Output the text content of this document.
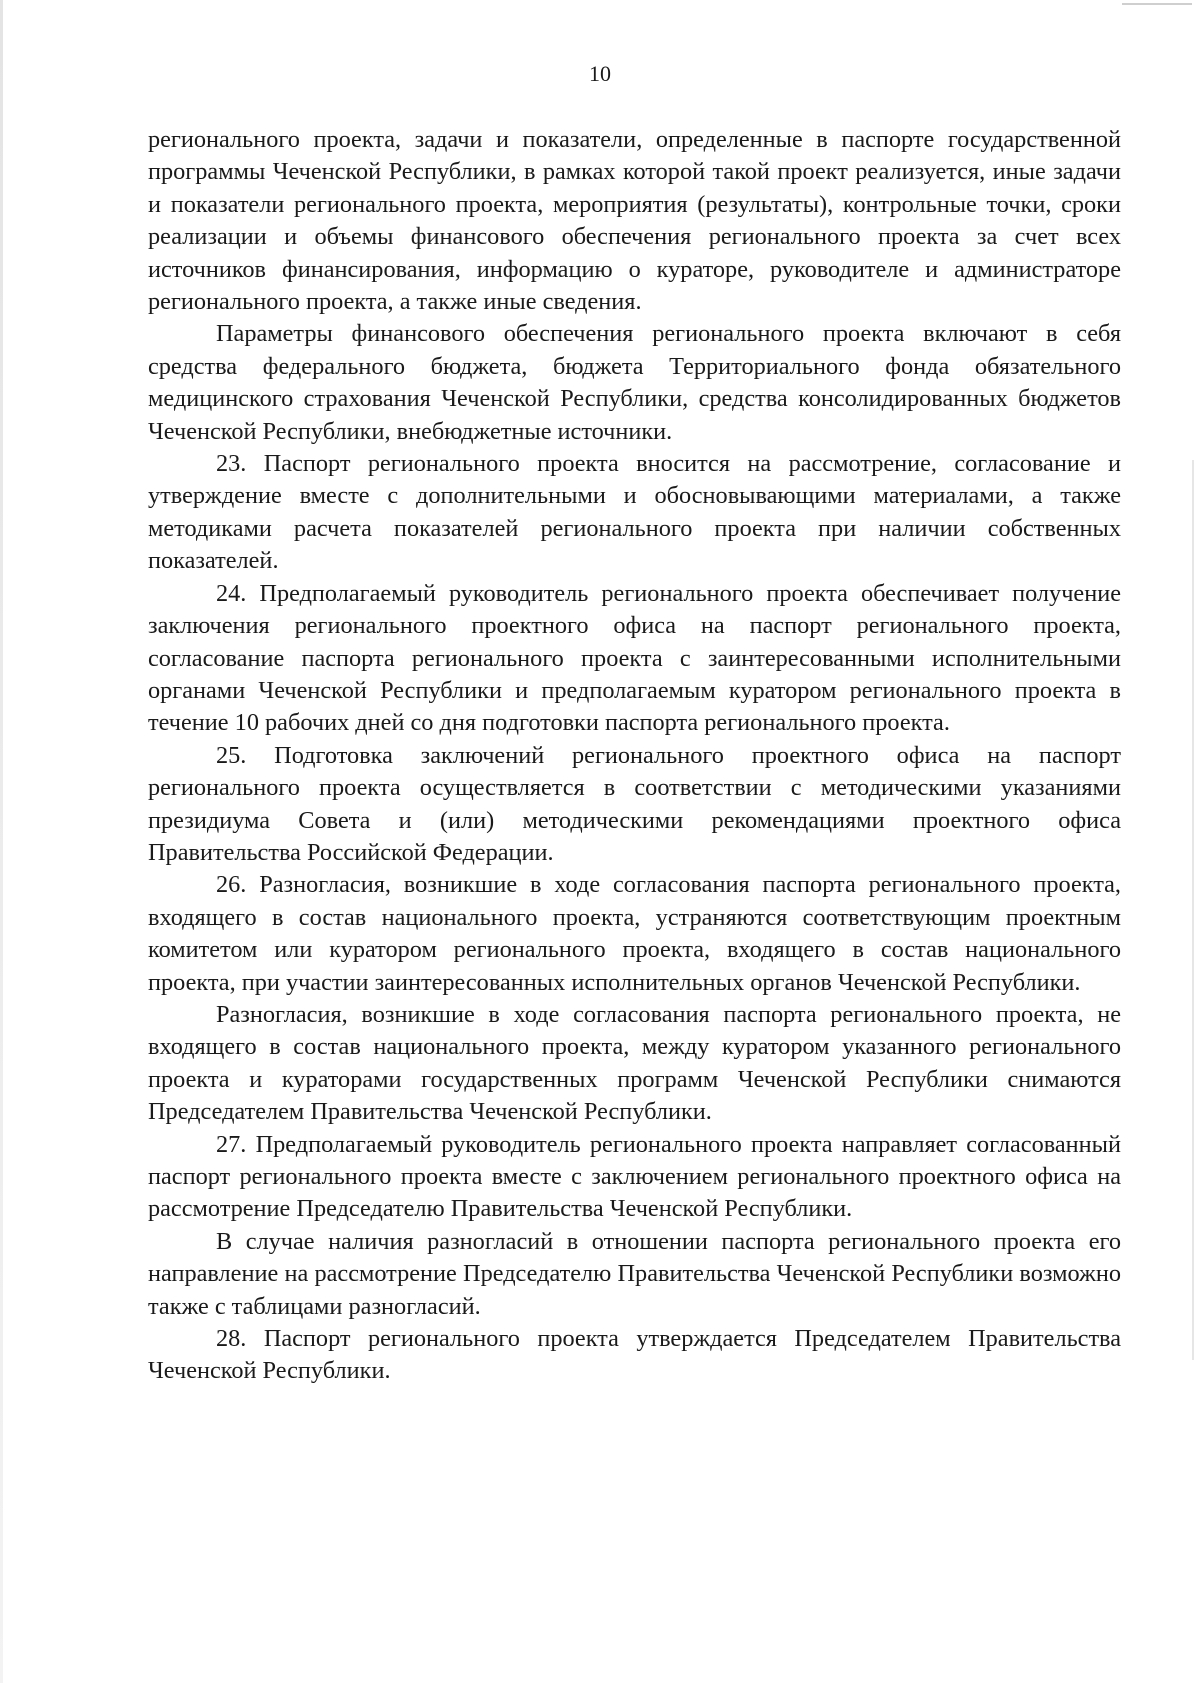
10

регионального проекта, задачи и показатели, определенные в паспорте государственной программы Чеченской Республики, в рамках которой такой проект реализуется, иные задачи и показатели регионального проекта, мероприятия (результаты), контрольные точки, сроки реализации и объемы финансового обеспечения регионального проекта за счет всех источников финансирования, информацию о кураторе, руководителе и администраторе регионального проекта, а также иные сведения.

Параметры финансового обеспечения регионального проекта включают в себя средства федерального бюджета, бюджета Территориального фонда обязательного медицинского страхования Чеченской Республики, средства консолидированных бюджетов Чеченской Республики, внебюджетные источники.

23. Паспорт регионального проекта вносится на рассмотрение, согласование и утверждение вместе с дополнительными и обосновывающими материалами, а также методиками расчета показателей регионального проекта при наличии собственных показателей.

24. Предполагаемый руководитель регионального проекта обеспечивает получение заключения регионального проектного офиса на паспорт регионального проекта, согласование паспорта регионального проекта с заинтересованными исполнительными органами Чеченской Республики и предполагаемым куратором регионального проекта в течение 10 рабочих дней со дня подготовки паспорта регионального проекта.

25. Подготовка заключений регионального проектного офиса на паспорт регионального проекта осуществляется в соответствии с методическими указаниями президиума Совета и (или) методическими рекомендациями проектного офиса Правительства Российской Федерации.

26. Разногласия, возникшие в ходе согласования паспорта регионального проекта, входящего в состав национального проекта, устраняются соответствующим проектным комитетом или куратором регионального проекта, входящего в состав национального проекта, при участии заинтересованных исполнительных органов Чеченской Республики.

Разногласия, возникшие в ходе согласования паспорта регионального проекта, не входящего в состав национального проекта, между куратором указанного регионального проекта и кураторами государственных программ Чеченской Республики снимаются Председателем Правительства Чеченской Республики.

27. Предполагаемый руководитель регионального проекта направляет согласованный паспорт регионального проекта вместе с заключением регионального проектного офиса на рассмотрение Председателю Правительства Чеченской Республики.

В случае наличия разногласий в отношении паспорта регионального проекта его направление на рассмотрение Председателю Правительства Чеченской Республики возможно также с таблицами разногласий.

28. Паспорт регионального проекта утверждается Председателем Правительства Чеченской Республики.
